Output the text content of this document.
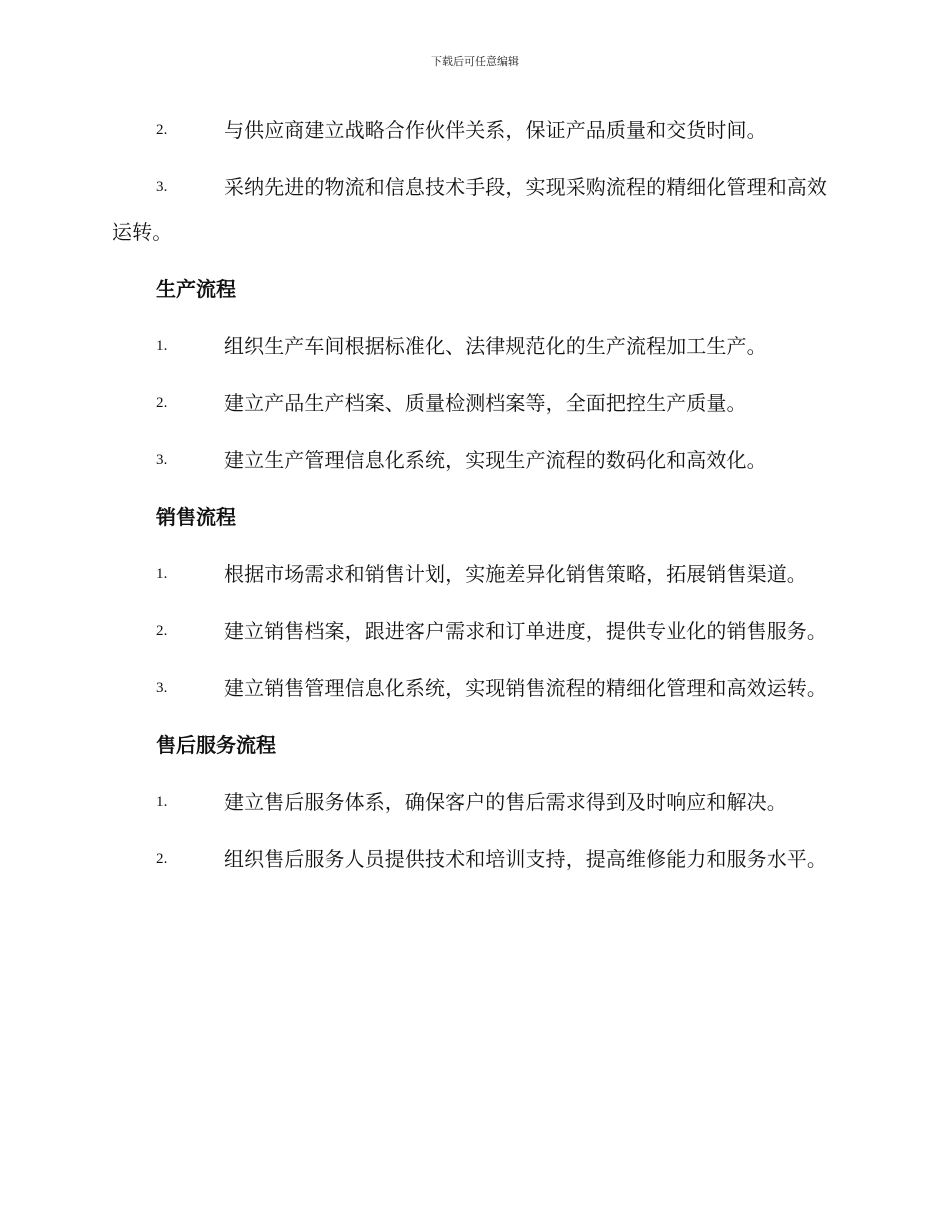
下载后可任意编辑
2.	与供应商建立战略合作伙伴关系，保证产品质量和交货时间。
3.	采纳先进的物流和信息技术手段，实现采购流程的精细化管理和高效运转。
生产流程
1.	组织生产车间根据标准化、法律规范化的生产流程加工生产。
2.	建立产品生产档案、质量检测档案等，全面把控生产质量。
3.	建立生产管理信息化系统，实现生产流程的数码化和高效化。
销售流程
1.	根据市场需求和销售计划，实施差异化销售策略，拓展销售渠道。
2.	建立销售档案，跟进客户需求和订单进度，提供专业化的销售服务。
3.	建立销售管理信息化系统，实现销售流程的精细化管理和高效运转。
售后服务流程
1.	建立售后服务体系，确保客户的售后需求得到及时响应和解决。
2.	组织售后服务人员提供技术和培训支持，提高维修能力和服务水平。
